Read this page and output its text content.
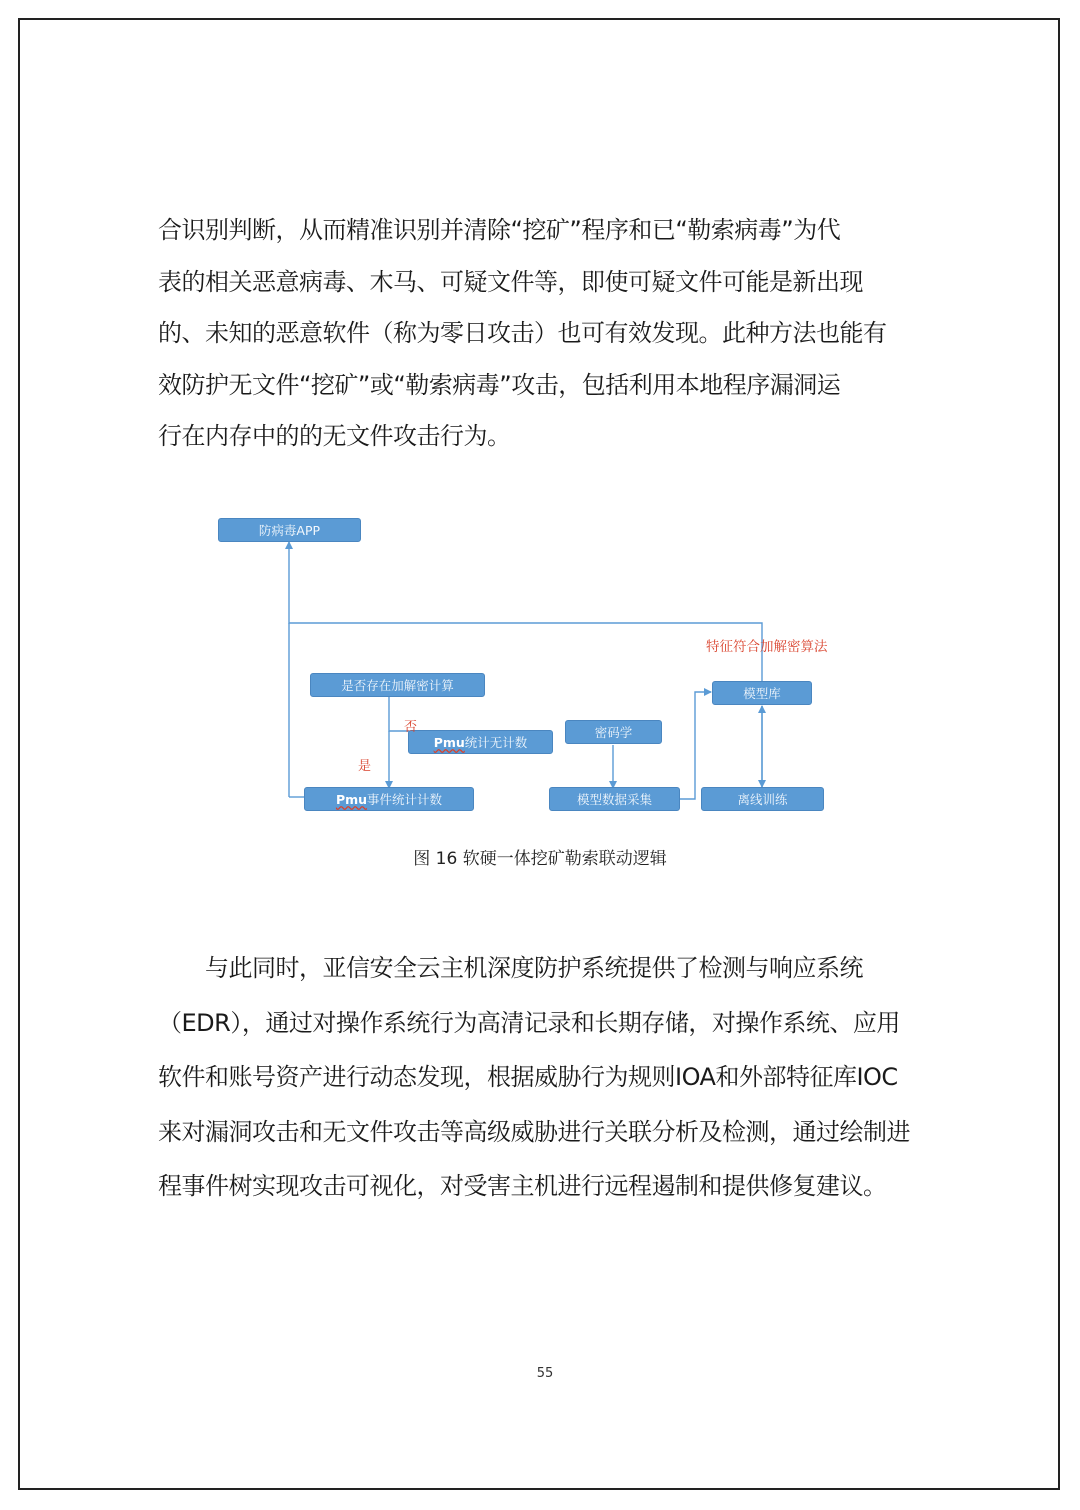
合识别判断，从而精准识别并清除“挖矿”程序和已“勒索病毒”为代
表的相关恶意病毒、木马、可疑文件等，即使可疑文件可能是新出现
的、未知的恶意软件（称为零日攻击）也可有效发现。此种方法也能有
效防护无文件“挖矿”或“勒索病毒”攻击，包括利用本地程序漏洞运
行在内存中的的无文件攻击行为。

防病毒APP
是否存在加解密计算
Pmu统计无计数
Pmu事件统计计数
密码学
模型数据采集
模型库
离线训练
否
是
特征符合加解密算法
图 16 软硬一体挖矿勒索联动逻辑

　　与此同时，亚信安全云主机深度防护系统提供了检测与响应系统
（EDR），通过对操作系统行为高清记录和长期存储，对操作系统、应用
软件和账号资产进行动态发现，根据威胁行为规则IOA和外部特征库IOC
来对漏洞攻击和无文件攻击等高级威胁进行关联分析及检测，通过绘制进
程事件树实现攻击可视化，对受害主机进行远程遏制和提供修复建议。

55
